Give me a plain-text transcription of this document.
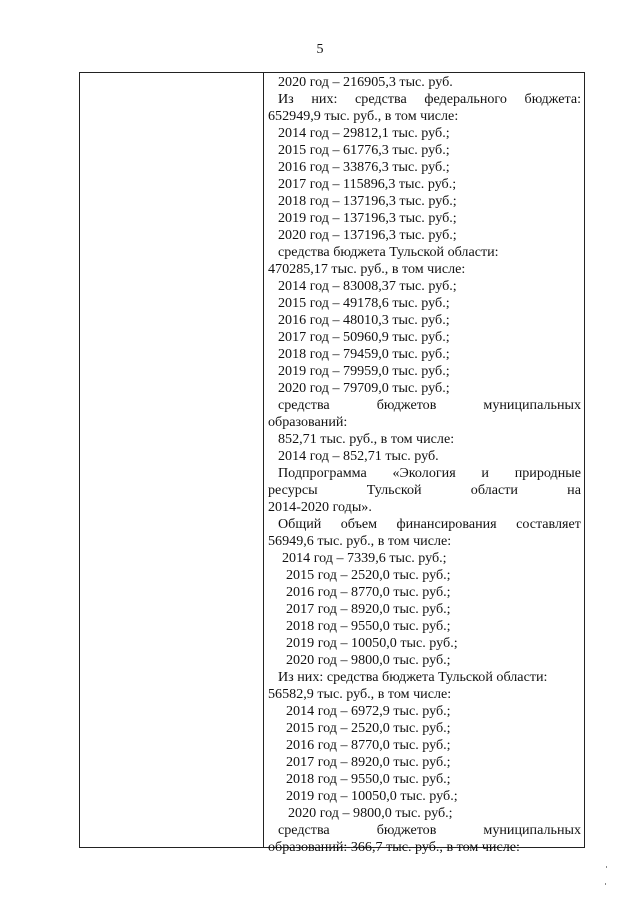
5
2020 год – 216905,3 тыс. руб.
Из них: средства федерального бюджета:
652949,9 тыс. руб., в том числе:
2014 год – 29812,1 тыс. руб.;
2015 год – 61776,3 тыс. руб.;
2016 год – 33876,3 тыс. руб.;
2017 год – 115896,3 тыс. руб.;
2018 год – 137196,3 тыс. руб.;
2019 год – 137196,3 тыс. руб.;
2020 год – 137196,3 тыс. руб.;
средства бюджета Тульской области:
470285,17 тыс. руб., в том числе:
2014 год – 83008,37 тыс. руб.;
2015 год – 49178,6 тыс. руб.;
2016 год – 48010,3 тыс. руб.;
2017 год – 50960,9 тыс. руб.;
2018 год – 79459,0 тыс. руб.;
2019 год – 79959,0 тыс. руб.;
2020 год – 79709,0 тыс. руб.;
средства	бюджетов	муниципальных
образований:
852,71 тыс. руб., в том числе:
2014 год – 852,71 тыс. руб.
Подпрограмма «Экология и природные
ресурсы	Тульской	области	на
2014-2020 годы».
Общий объем финансирования составляет
56949,6 тыс. руб., в том числе:
2014 год – 7339,6 тыс. руб.;
2015 год – 2520,0 тыс. руб.;
2016 год – 8770,0 тыс. руб.;
2017 год – 8920,0 тыс. руб.;
2018 год – 9550,0 тыс. руб.;
2019 год – 10050,0 тыс. руб.;
2020 год – 9800,0 тыс. руб.;
Из них: средства бюджета Тульской области:
56582,9 тыс. руб., в том числе:
2014 год – 6972,9 тыс. руб.;
2015 год – 2520,0 тыс. руб.;
2016 год – 8770,0 тыс. руб.;
2017 год – 8920,0 тыс. руб.;
2018 год – 9550,0 тыс. руб.;
2019 год – 10050,0 тыс. руб.;
2020 год – 9800,0 тыс. руб.;
средства	бюджетов	муниципальных
образований: 366,7 тыс. руб., в том числе:
